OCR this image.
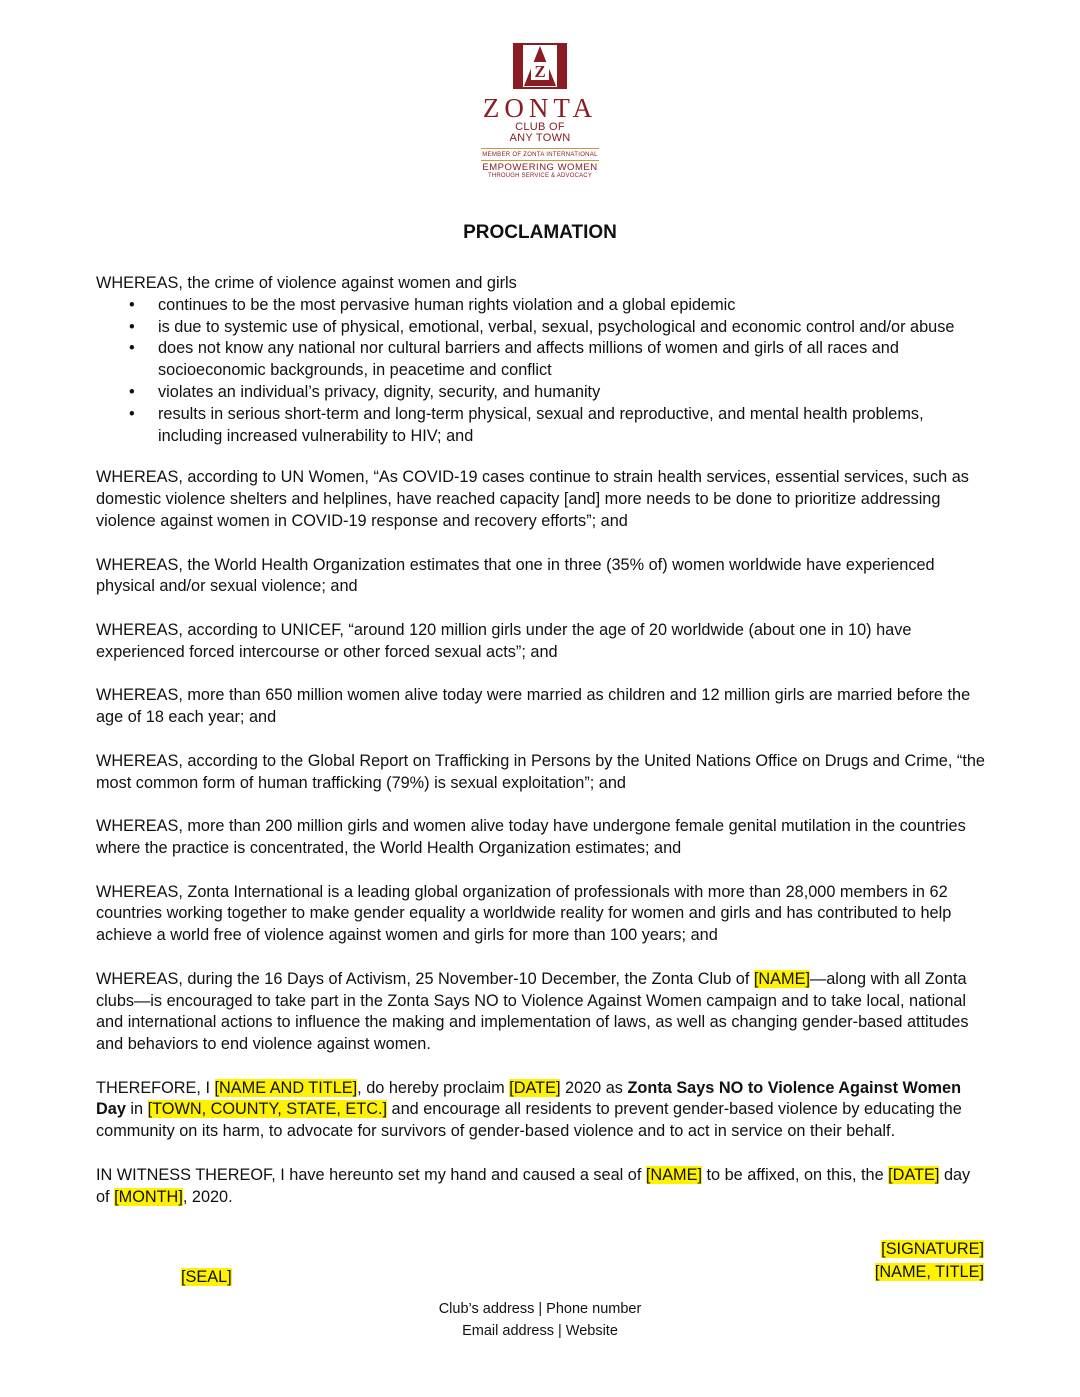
Z
ZONTA
CLUB OF
ANY TOWN
MEMBER OF ZONTA INTERNATIONAL
EMPOWERING WOMEN
THROUGH SERVICE & ADVOCACY
PROCLAMATION

WHEREAS, the crime of violence against women and girls

• continues to be the most pervasive human rights violation and a global epidemic
• is due to systemic use of physical, emotional, verbal, sexual, psychological and economic control and/or abuse
• does not know any national nor cultural barriers and affects millions of women and girls of all races and socioeconomic backgrounds, in peacetime and conflict
• violates an individual’s privacy, dignity, security, and humanity
• results in serious short-term and long-term physical, sexual and reproductive, and mental health problems, including increased vulnerability to HIV; and

WHEREAS, according to UN Women, “As COVID-19 cases continue to strain health services, essential services, such as domestic violence shelters and helplines, have reached capacity [and] more needs to be done to prioritize addressing violence against women in COVID-19 response and recovery efforts”; and

WHEREAS, the World Health Organization estimates that one in three (35% of) women worldwide have experienced physical and/or sexual violence; and

WHEREAS, according to UNICEF, “around 120 million girls under the age of 20 worldwide (about one in 10) have experienced forced intercourse or other forced sexual acts”; and

WHEREAS, more than 650 million women alive today were married as children and 12 million girls are married before the age of 18 each year; and

WHEREAS, according to the Global Report on Trafficking in Persons by the United Nations Office on Drugs and Crime, “the most common form of human trafficking (79%) is sexual exploitation”; and

WHEREAS, more than 200 million girls and women alive today have undergone female genital mutilation in the countries where the practice is concentrated, the World Health Organization estimates; and

WHEREAS, Zonta International is a leading global organization of professionals with more than 28,000 members in 62 countries working together to make gender equality a worldwide reality for women and girls and has contributed to help achieve a world free of violence against women and girls for more than 100 years; and

WHEREAS, during the 16 Days of Activism, 25 November-10 December, the Zonta Club of [NAME]—along with all Zonta clubs—is encouraged to take part in the Zonta Says NO to Violence Against Women campaign and to take local, national and international actions to influence the making and implementation of laws, as well as changing gender-based attitudes and behaviors to end violence against women.

THEREFORE, I [NAME AND TITLE], do hereby proclaim [DATE] 2020 as Zonta Says NO to Violence Against Women Day in [TOWN, COUNTY, STATE, ETC.] and encourage all residents to prevent gender-based violence by educating the community on its harm, to advocate for survivors of gender-based violence and to act in service on their behalf.

IN WITNESS THEREOF, I have hereunto set my hand and caused a seal of [NAME] to be affixed, on this, the [DATE] day of [MONTH], 2020.

[SIGNATURE]
[NAME, TITLE]
[SEAL]
Club’s address | Phone number
Email address | Website
